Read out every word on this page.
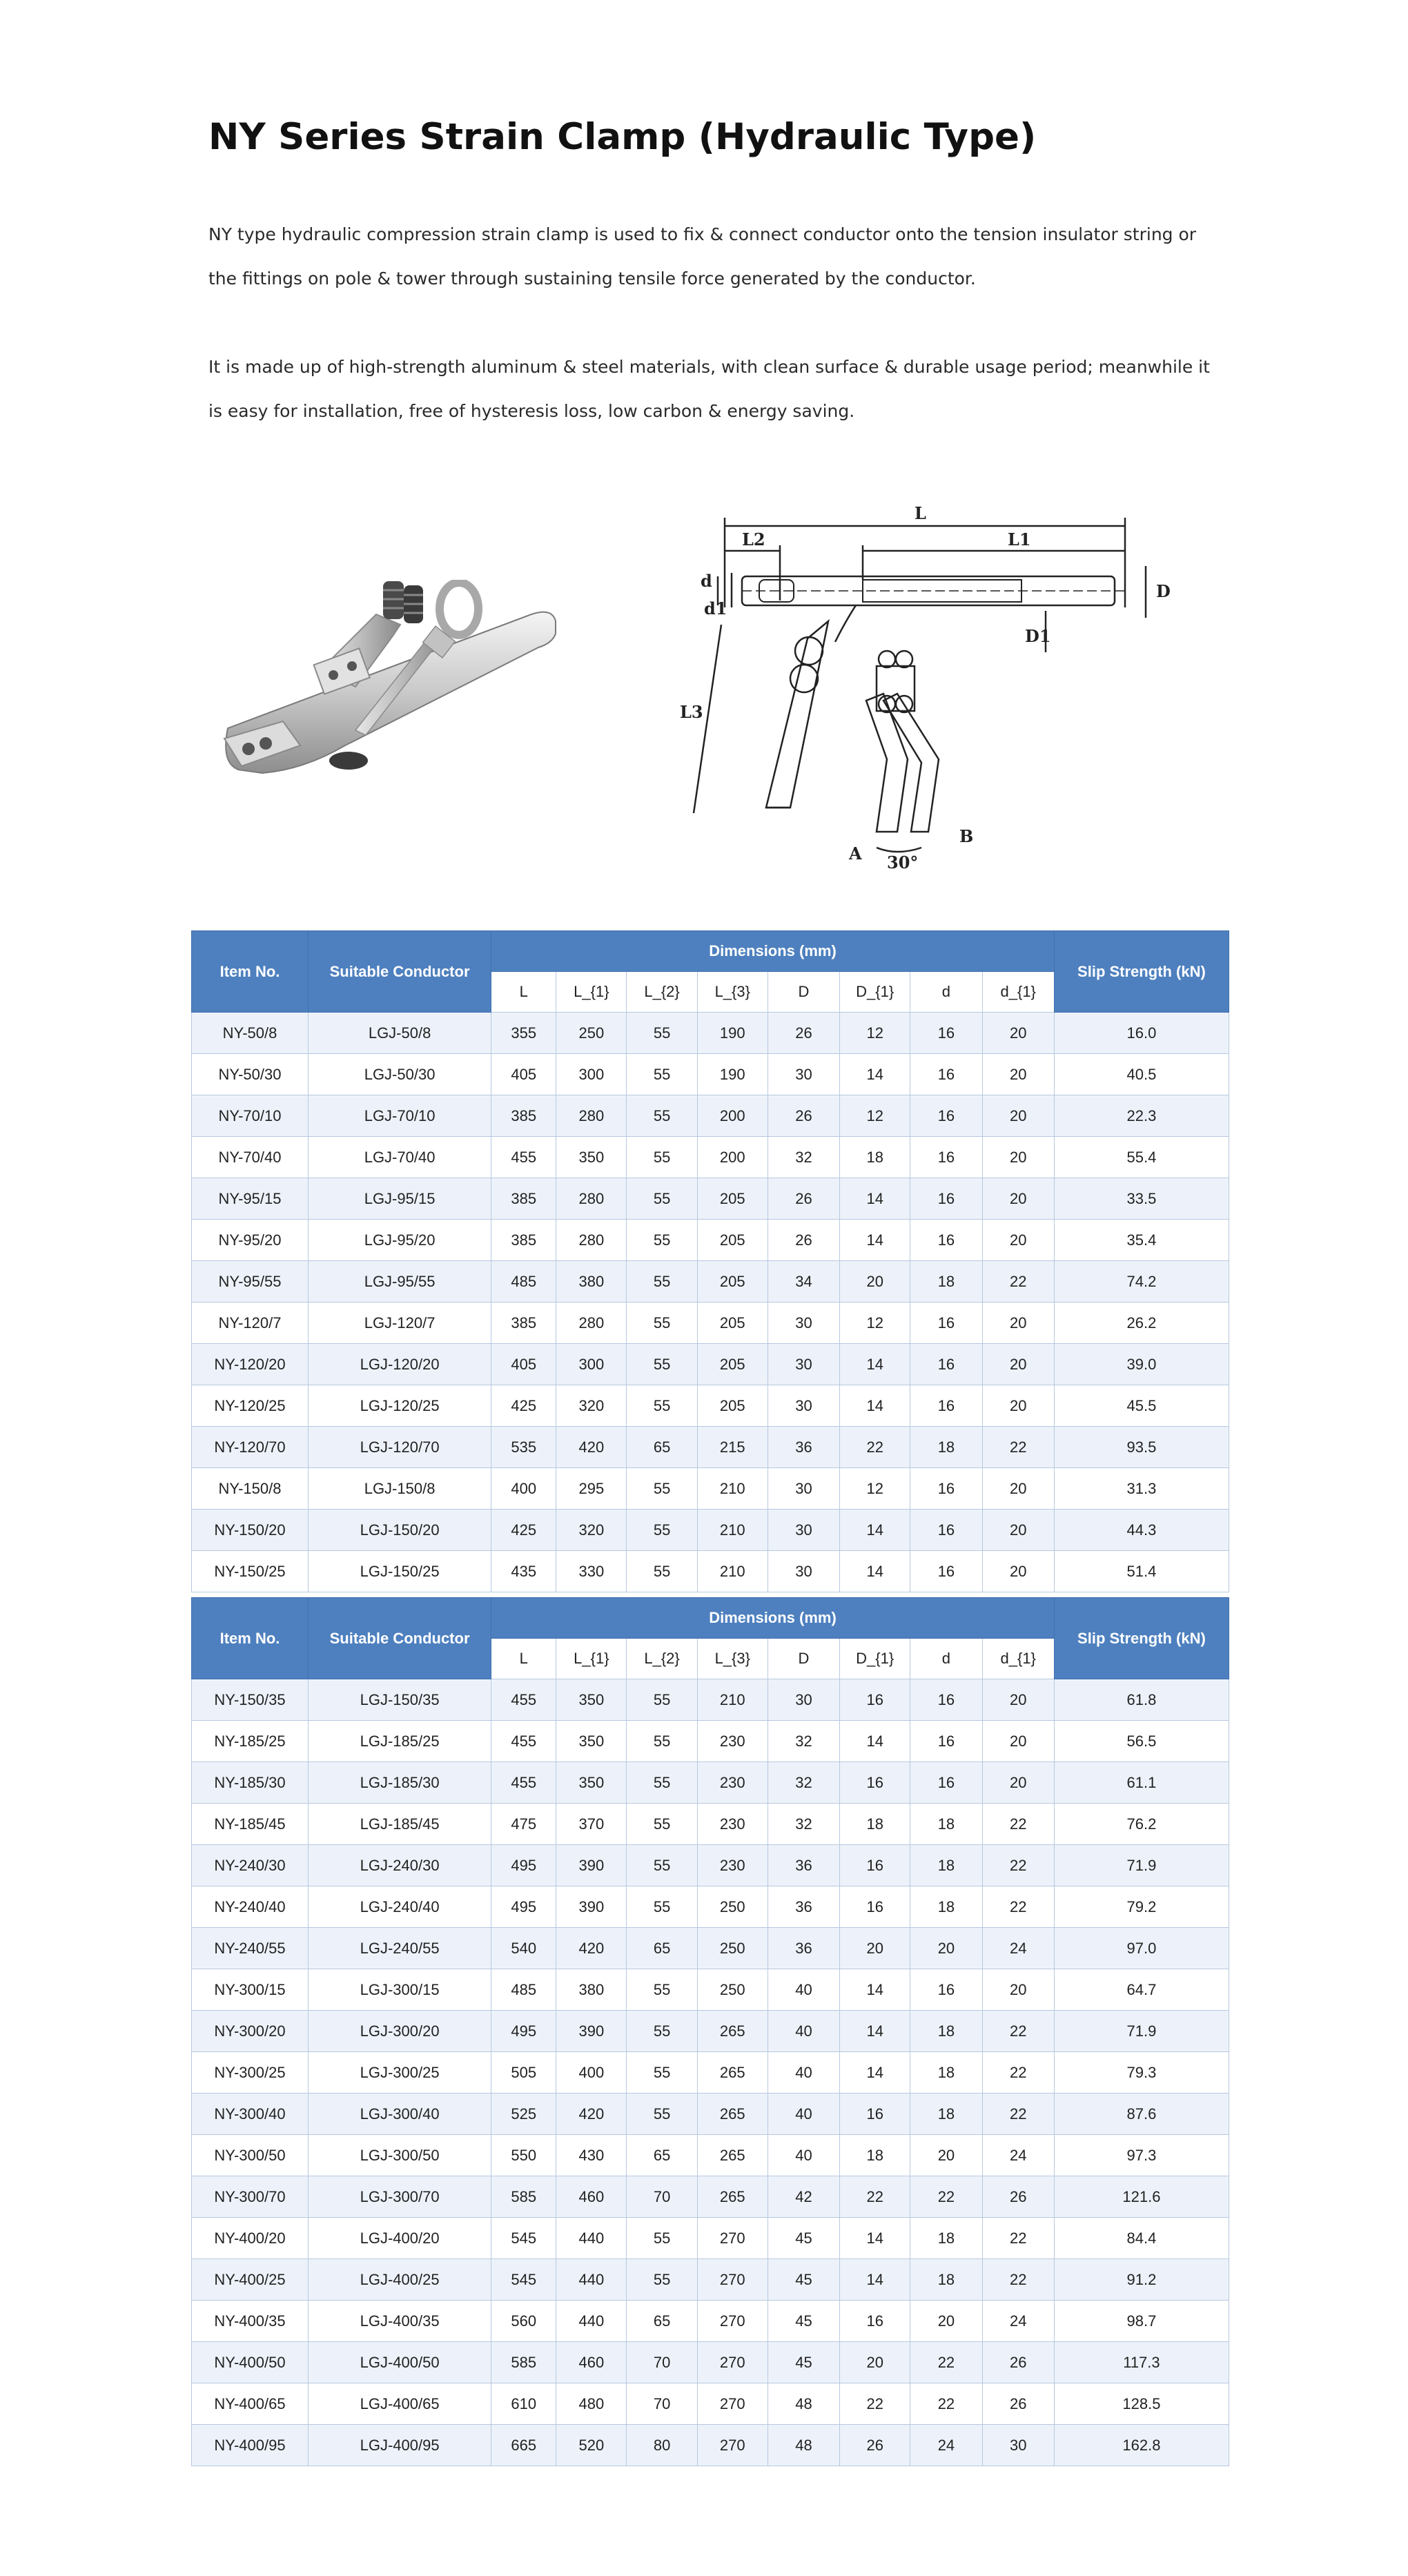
NY Series Strain Clamp (Hydraulic Type)

NY type hydraulic compression strain clamp is used to fix & connect conductor onto the tension insulator string or the fittings on pole & tower through sustaining tensile force generated by the conductor.

It is made up of high-strength aluminum & steel materials, with clean surface & durable usage period; meanwhile it is easy for installation, free of hysteresis loss, low carbon & energy saving.

L
L1
L2
L3
d
d1
D
D1
A
B
30°
Item No.	Suitable Conductor	Dimensions (mm)								Slip Strength (kN)
		L	L_{1}	L_{2}	L_{3}	D	D_{1}	d	d_{1}	
NY-50/8	LGJ-50/8	355	250	55	190	26	12	16	20	16.0
NY-50/30	LGJ-50/30	405	300	55	190	30	14	16	20	40.5
NY-70/10	LGJ-70/10	385	280	55	200	26	12	16	20	22.3
NY-70/40	LGJ-70/40	455	350	55	200	32	18	16	20	55.4
NY-95/15	LGJ-95/15	385	280	55	205	26	14	16	20	33.5
NY-95/20	LGJ-95/20	385	280	55	205	26	14	16	20	35.4
NY-95/55	LGJ-95/55	485	380	55	205	34	20	18	22	74.2
NY-120/7	LGJ-120/7	385	280	55	205	30	12	16	20	26.2
NY-120/20	LGJ-120/20	405	300	55	205	30	14	16	20	39.0
NY-120/25	LGJ-120/25	425	320	55	205	30	14	16	20	45.5
NY-120/70	LGJ-120/70	535	420	65	215	36	22	18	22	93.5
NY-150/8	LGJ-150/8	400	295	55	210	30	12	16	20	31.3
NY-150/20	LGJ-150/20	425	320	55	210	30	14	16	20	44.3
NY-150/25	LGJ-150/25	435	330	55	210	30	14	16	20	51.4
Item No.	Suitable Conductor	Dimensions (mm)								Slip Strength (kN)
		L	L_{1}	L_{2}	L_{3}	D	D_{1}	d	d_{1}	
NY-150/35	LGJ-150/35	455	350	55	210	30	16	16	20	61.8
NY-185/25	LGJ-185/25	455	350	55	230	32	14	16	20	56.5
NY-185/30	LGJ-185/30	455	350	55	230	32	16	16	20	61.1
NY-185/45	LGJ-185/45	475	370	55	230	32	18	18	22	76.2
NY-240/30	LGJ-240/30	495	390	55	230	36	16	18	22	71.9
NY-240/40	LGJ-240/40	495	390	55	250	36	16	18	22	79.2
NY-240/55	LGJ-240/55	540	420	65	250	36	20	20	24	97.0
NY-300/15	LGJ-300/15	485	380	55	250	40	14	16	20	64.7
NY-300/20	LGJ-300/20	495	390	55	265	40	14	18	22	71.9
NY-300/25	LGJ-300/25	505	400	55	265	40	14	18	22	79.3
NY-300/40	LGJ-300/40	525	420	55	265	40	16	18	22	87.6
NY-300/50	LGJ-300/50	550	430	65	265	40	18	20	24	97.3
NY-300/70	LGJ-300/70	585	460	70	265	42	22	22	26	121.6
NY-400/20	LGJ-400/20	545	440	55	270	45	14	18	22	84.4
NY-400/25	LGJ-400/25	545	440	55	270	45	14	18	22	91.2
NY-400/35	LGJ-400/35	560	440	65	270	45	16	20	24	98.7
NY-400/50	LGJ-400/50	585	460	70	270	45	20	22	26	117.3
NY-400/65	LGJ-400/65	610	480	70	270	48	22	22	26	128.5
NY-400/95	LGJ-400/95	665	520	80	270	48	26	24	30	162.8
